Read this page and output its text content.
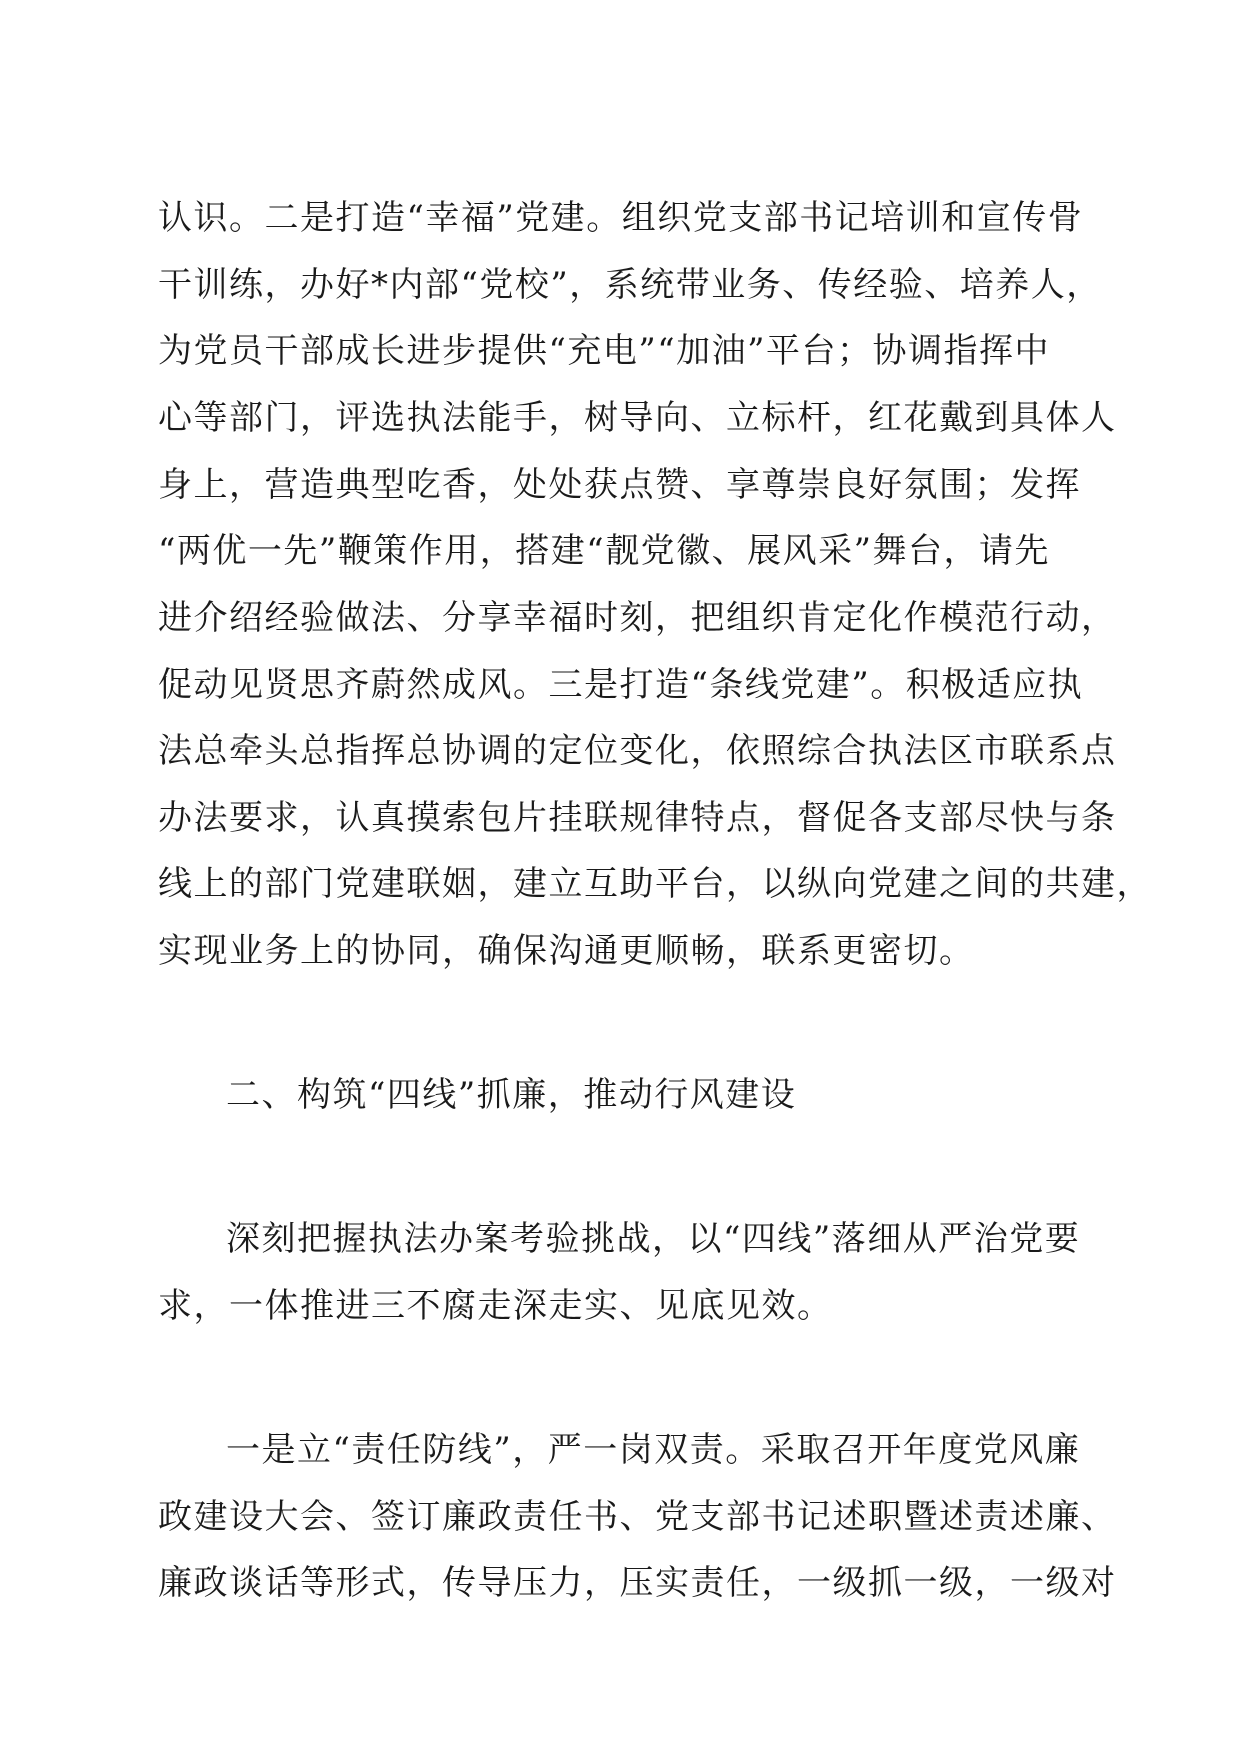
认识。二是打造“幸福”党建。组织党支部书记培训和宣传骨
干训练，办好*内部“党校”，系统带业务、传经验、培养人，
为党员干部成长进步提供“充电”“加油”平台；协调指挥中
心等部门，评选执法能手，树导向、立标杆，红花戴到具体人
身上，营造典型吃香，处处获点赞、享尊崇良好氛围；发挥
“两优一先”鞭策作用，搭建“靓党徽、展风采”舞台，请先
进介绍经验做法、分享幸福时刻，把组织肯定化作模范行动，
促动见贤思齐蔚然成风。三是打造“条线党建”。积极适应执
法总牵头总指挥总协调的定位变化，依照综合执法区市联系点
办法要求，认真摸索包片挂联规律特点，督促各支部尽快与条
线上的部门党建联姻，建立互助平台，以纵向党建之间的共建，
实现业务上的协同，确保沟通更顺畅，联系更密切。
二、构筑“四线”抓廉，推动行风建设
深刻把握执法办案考验挑战，以“四线”落细从严治党要
求，一体推进三不腐走深走实、见底见效。
一是立“责任防线”，严一岗双责。采取召开年度党风廉
政建设大会、签订廉政责任书、党支部书记述职暨述责述廉、
廉政谈话等形式，传导压力，压实责任，一级抓一级，一级对
